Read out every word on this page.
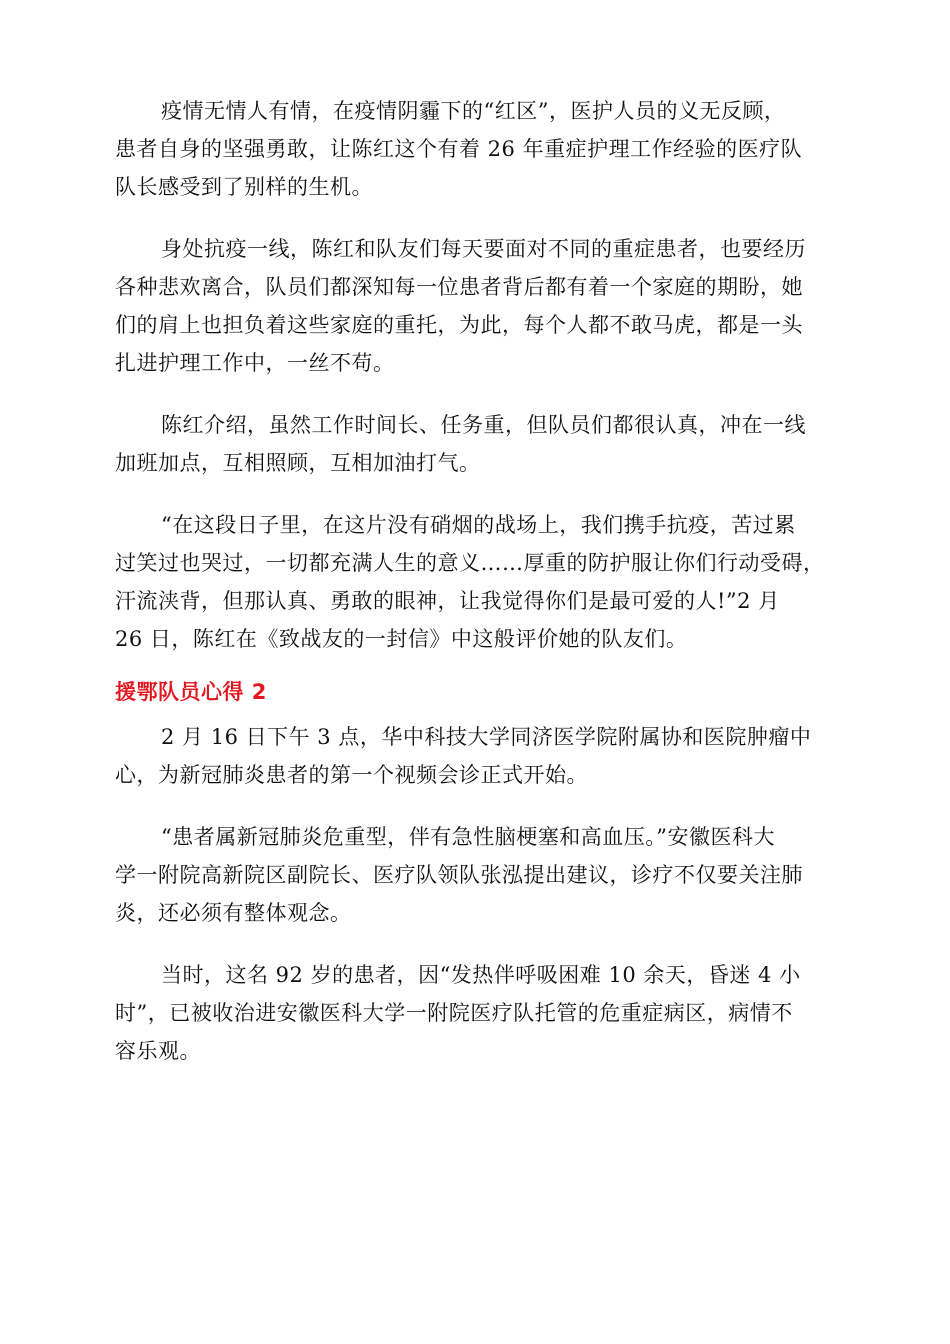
疫情无情人有情，在疫情阴霾下的“红区”，医护人员的义无反顾，
患者自身的坚强勇敢，让陈红这个有着 26 年重症护理工作经验的医疗队
队长感受到了别样的生机。
身处抗疫一线，陈红和队友们每天要面对不同的重症患者，也要经历
各种悲欢离合，队员们都深知每一位患者背后都有着一个家庭的期盼，她
们的肩上也担负着这些家庭的重托，为此，每个人都不敢马虎，都是一头
扎进护理工作中，一丝不苟。
陈红介绍，虽然工作时间长、任务重，但队员们都很认真，冲在一线
加班加点，互相照顾，互相加油打气。
“在这段日子里，在这片没有硝烟的战场上，我们携手抗疫，苦过累
过笑过也哭过，一切都充满人生的意义……厚重的防护服让你们行动受碍，
汗流浃背，但那认真、勇敢的眼神，让我觉得你们是最可爱的人!”2 月
26 日，陈红在《致战友的一封信》中这般评价她的队友们。
援鄂队员心得 2
2 月 16 日下午 3 点，华中科技大学同济医学院附属协和医院肿瘤中
心，为新冠肺炎患者的第一个视频会诊正式开始。
“患者属新冠肺炎危重型，伴有急性脑梗塞和高血压。”安徽医科大
学一附院高新院区副院长、医疗队领队张泓提出建议，诊疗不仅要关注肺
炎，还必须有整体观念。
当时，这名 92 岁的患者，因“发热伴呼吸困难 10 余天，昏迷 4 小
时”，已被收治进安徽医科大学一附院医疗队托管的危重症病区，病情不
容乐观。
